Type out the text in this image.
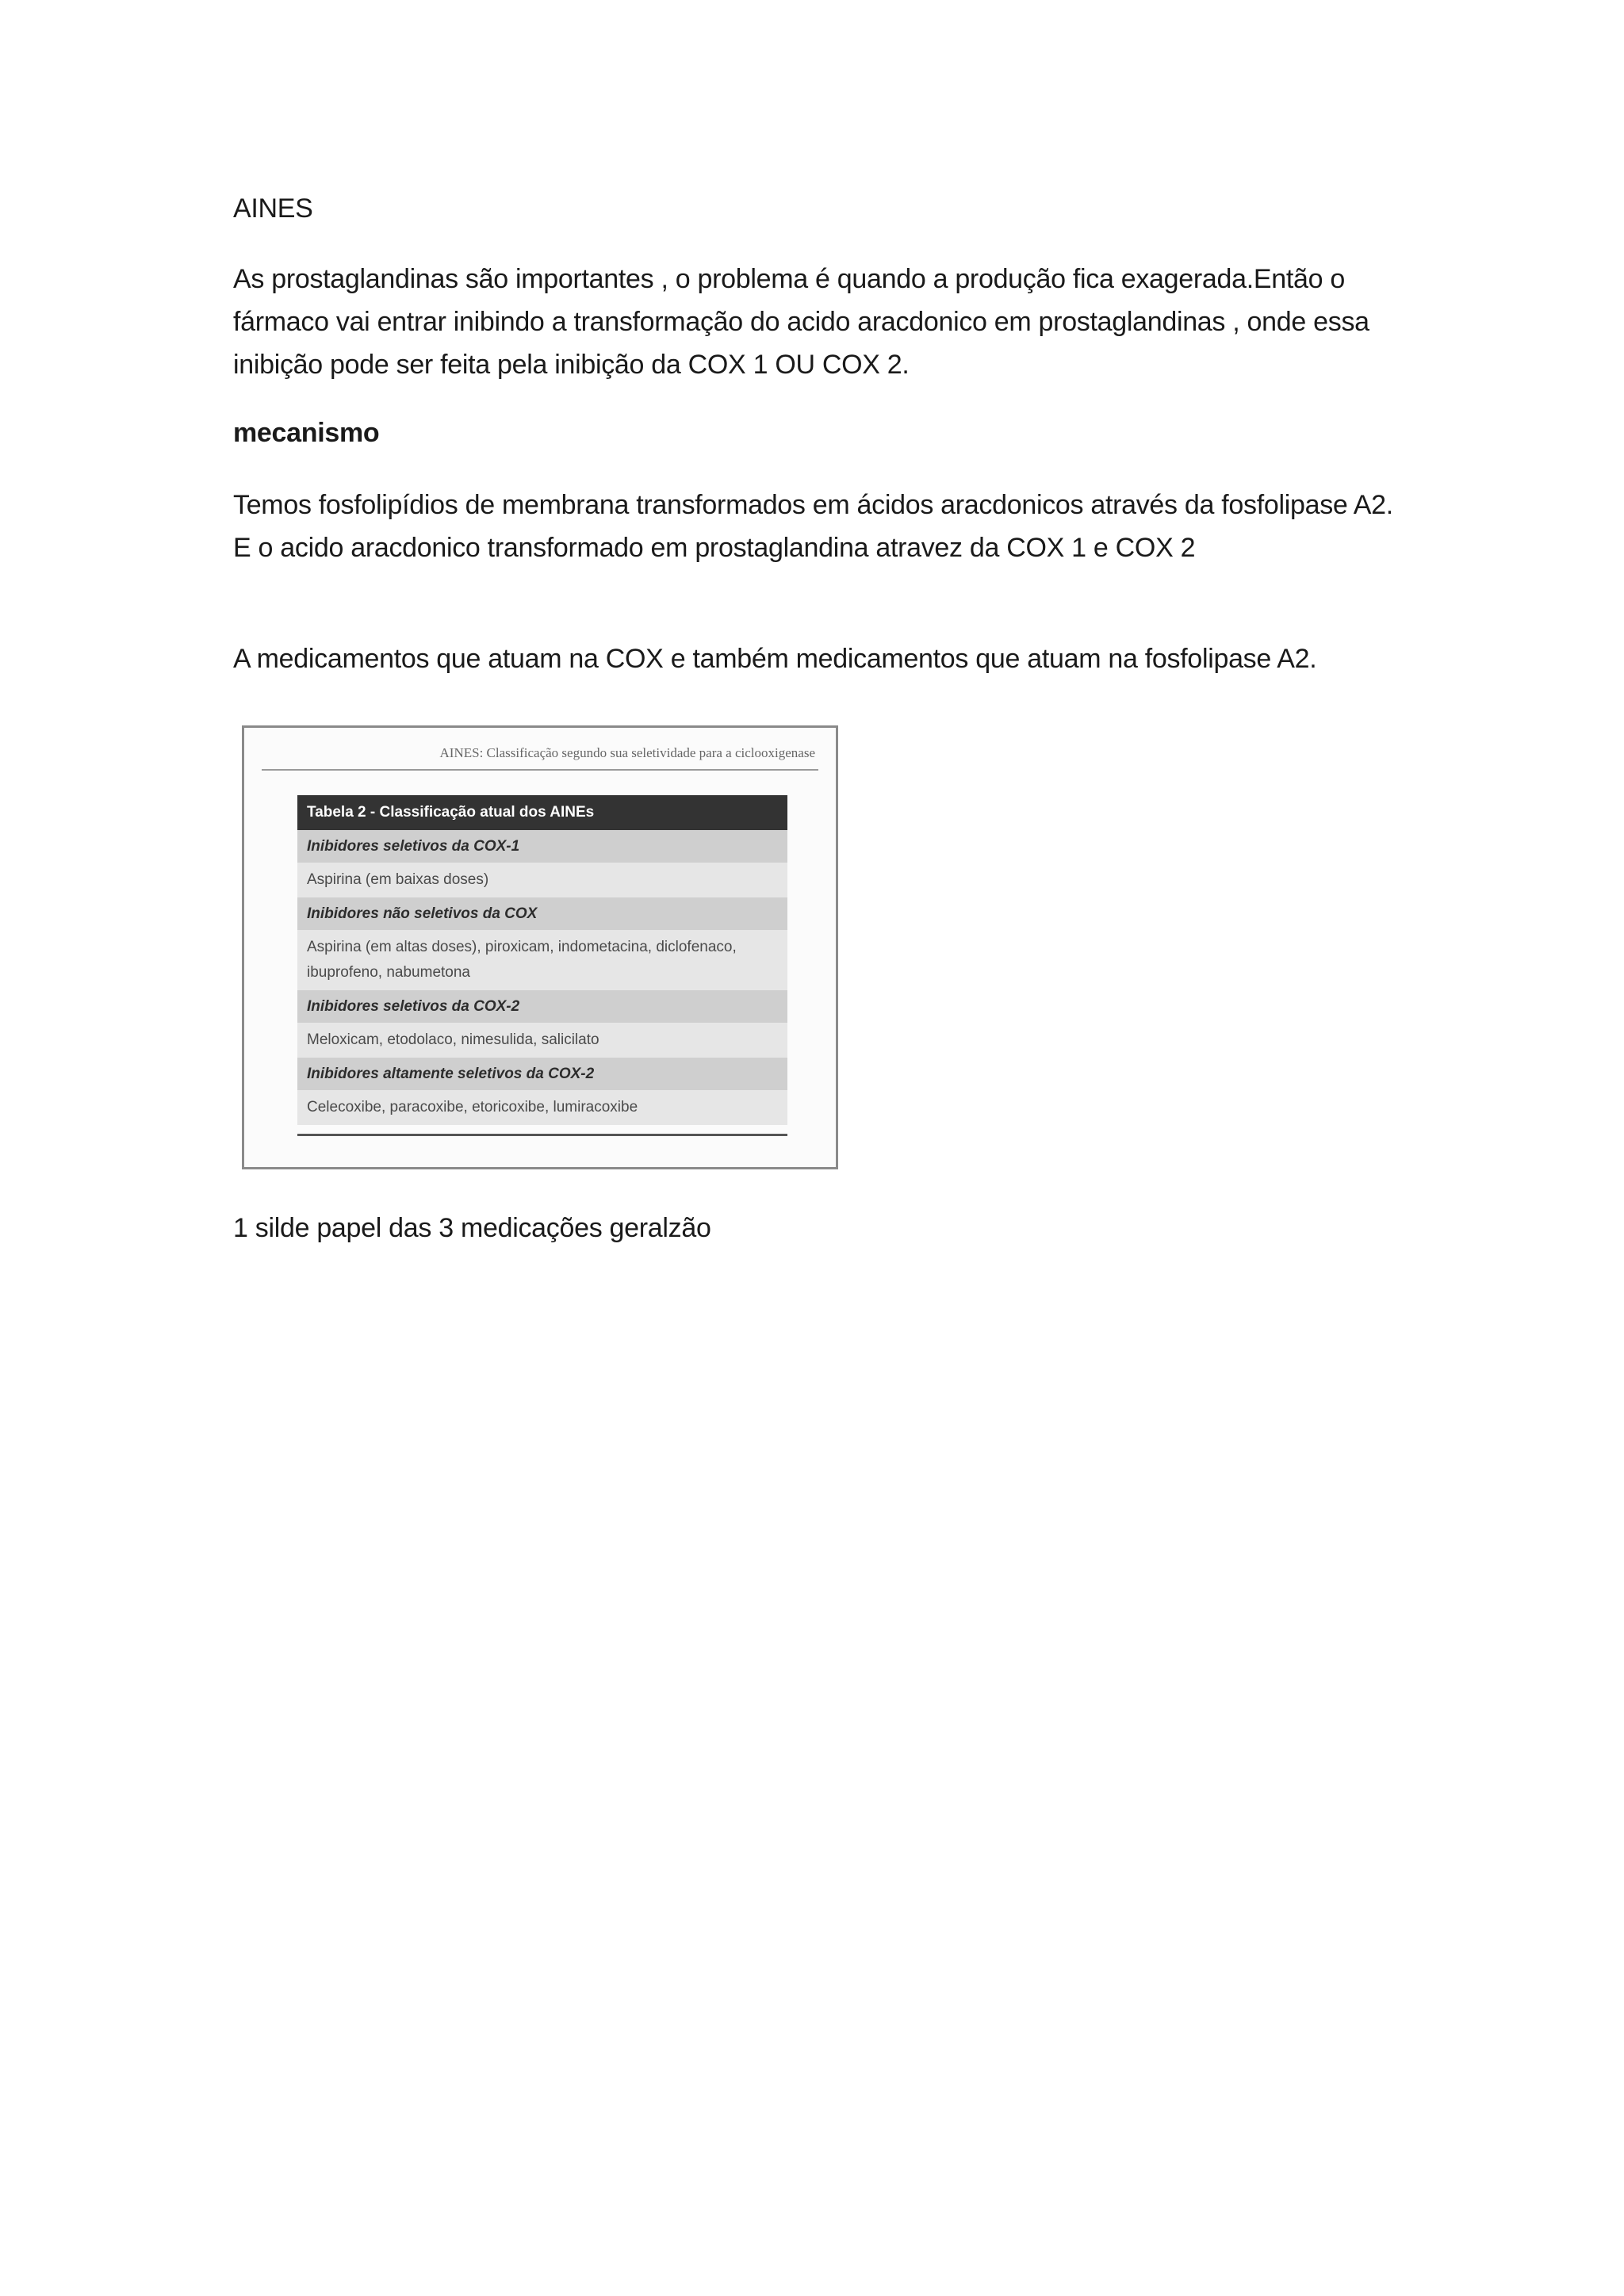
AINES
As prostaglandinas são importantes , o problema é quando a produção fica exagerada.Então o fármaco vai entrar inibindo a transformação do acido aracdonico em prostaglandinas , onde essa inibição pode ser feita pela inibição da COX 1 OU COX 2.
mecanismo
Temos fosfolipídios de membrana transformados em ácidos aracdonicos através da fosfolipase A2. E o acido aracdonico transformado em prostaglandina atravez da COX 1 e COX 2
A medicamentos que atuam na COX e também medicamentos que atuam na fosfolipase A2.
AINES: Classificação segundo sua seletividade para a ciclooxigenase
Tabela 2 - Classificação atual dos AINEs
Inibidores seletivos da COX-1
Aspirina (em baixas doses)
Inibidores não seletivos da COX
Aspirina (em altas doses), piroxicam, indometacina, diclofenaco, ibuprofeno, nabumetona
Inibidores seletivos da COX-2
Meloxicam, etodolaco, nimesulida, salicilato
Inibidores altamente seletivos da COX-2
Celecoxibe, paracoxibe, etoricoxibe, lumiracoxibe
1 silde papel das 3 medicações geralzão
